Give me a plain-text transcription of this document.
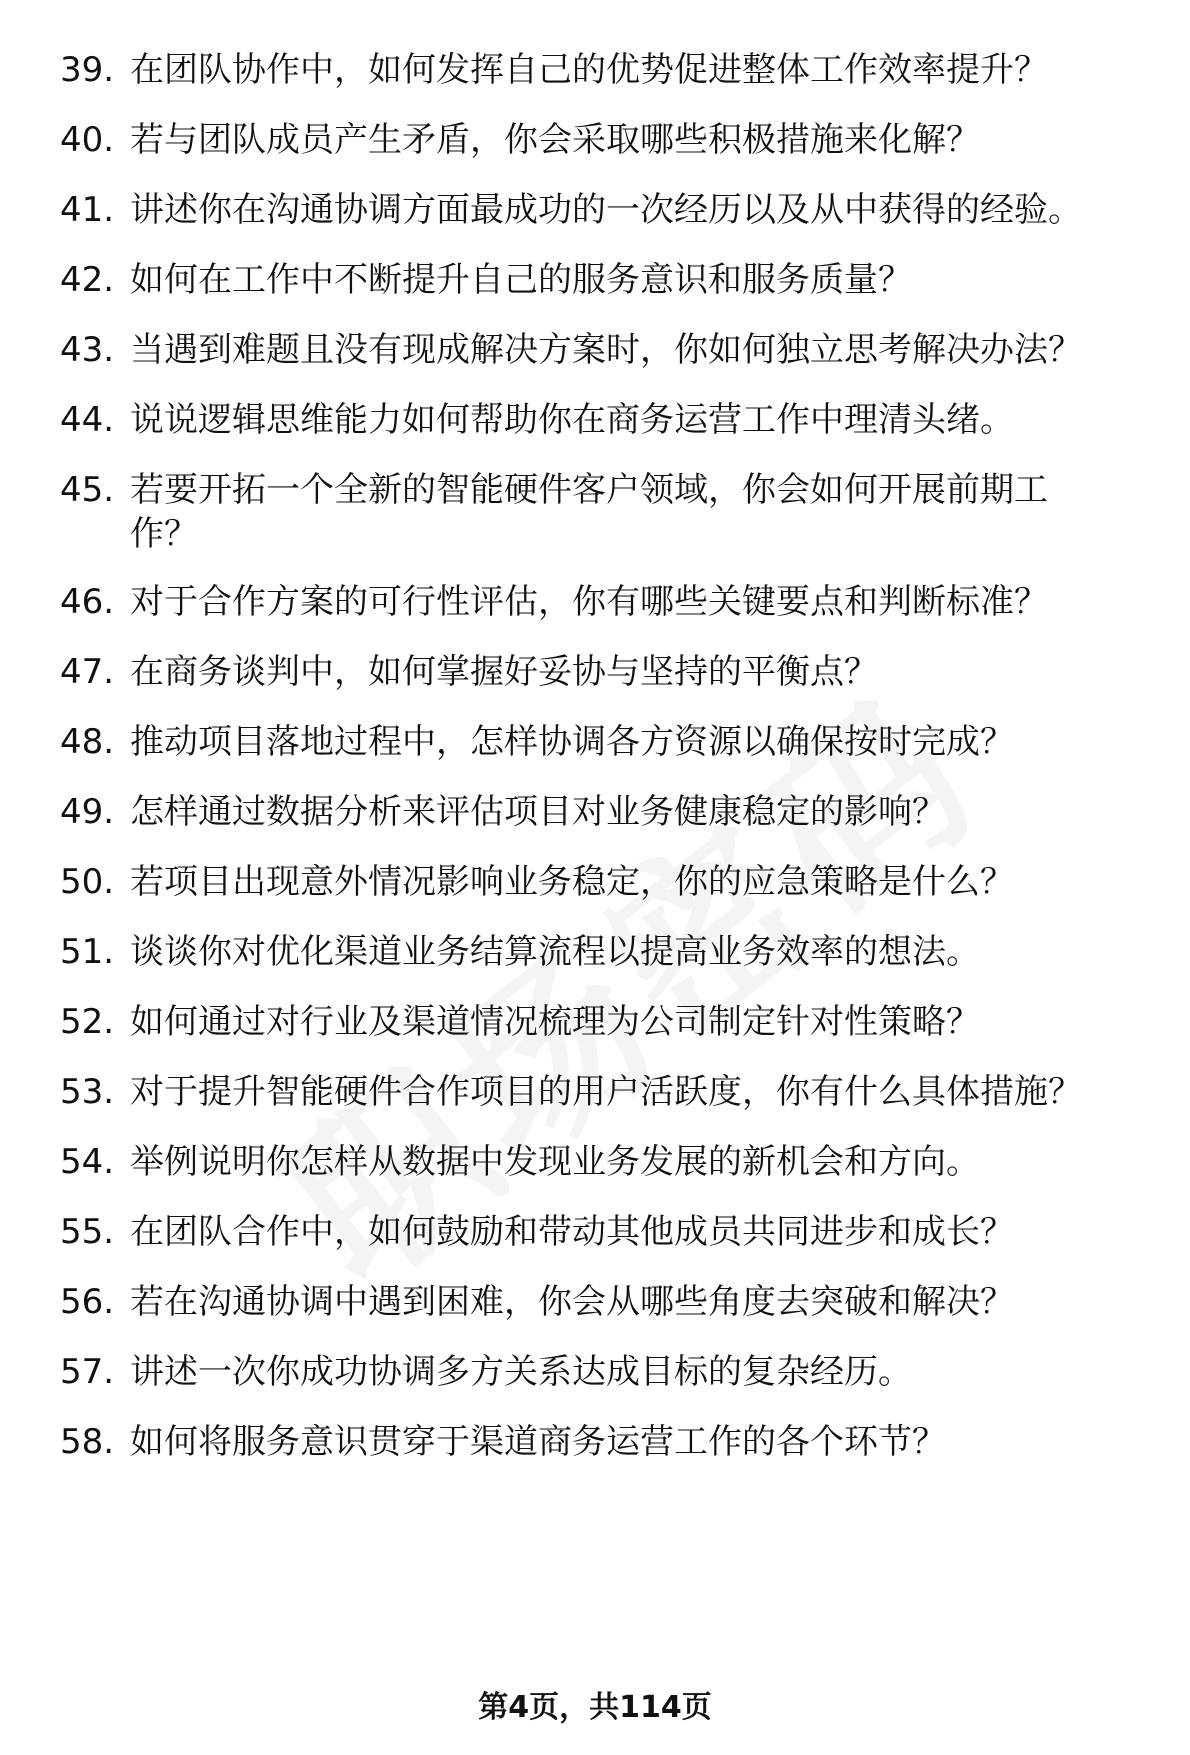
39. 在团队协作中，如何发挥自己的优势促进整体工作效率提升？
40. 若与团队成员产生矛盾，你会采取哪些积极措施来化解？
41. 讲述你在沟通协调方面最成功的一次经历以及从中获得的经验。
42. 如何在工作中不断提升自己的服务意识和服务质量？
43. 当遇到难题且没有现成解决方案时，你如何独立思考解决办法？
44. 说说逻辑思维能力如何帮助你在商务运营工作中理清头绪。
45. 若要开拓一个全新的智能硬件客户领域，你会如何开展前期工
作？
46. 对于合作方案的可行性评估，你有哪些关键要点和判断标准？
47. 在商务谈判中，如何掌握好妥协与坚持的平衡点？
48. 推动项目落地过程中，怎样协调各方资源以确保按时完成？
49. 怎样通过数据分析来评估项目对业务健康稳定的影响？
50. 若项目出现意外情况影响业务稳定，你的应急策略是什么？
51. 谈谈你对优化渠道业务结算流程以提高业务效率的想法。
52. 如何通过对行业及渠道情况梳理为公司制定针对性策略？
53. 对于提升智能硬件合作项目的用户活跃度，你有什么具体措施？
54. 举例说明你怎样从数据中发现业务发展的新机会和方向。
55. 在团队合作中，如何鼓励和带动其他成员共同进步和成长？
56. 若在沟通协调中遇到困难，你会从哪些角度去突破和解决？
57. 讲述一次你成功协调多方关系达成目标的复杂经历。
58. 如何将服务意识贯穿于渠道商务运营工作的各个环节？
第4页，共114页
